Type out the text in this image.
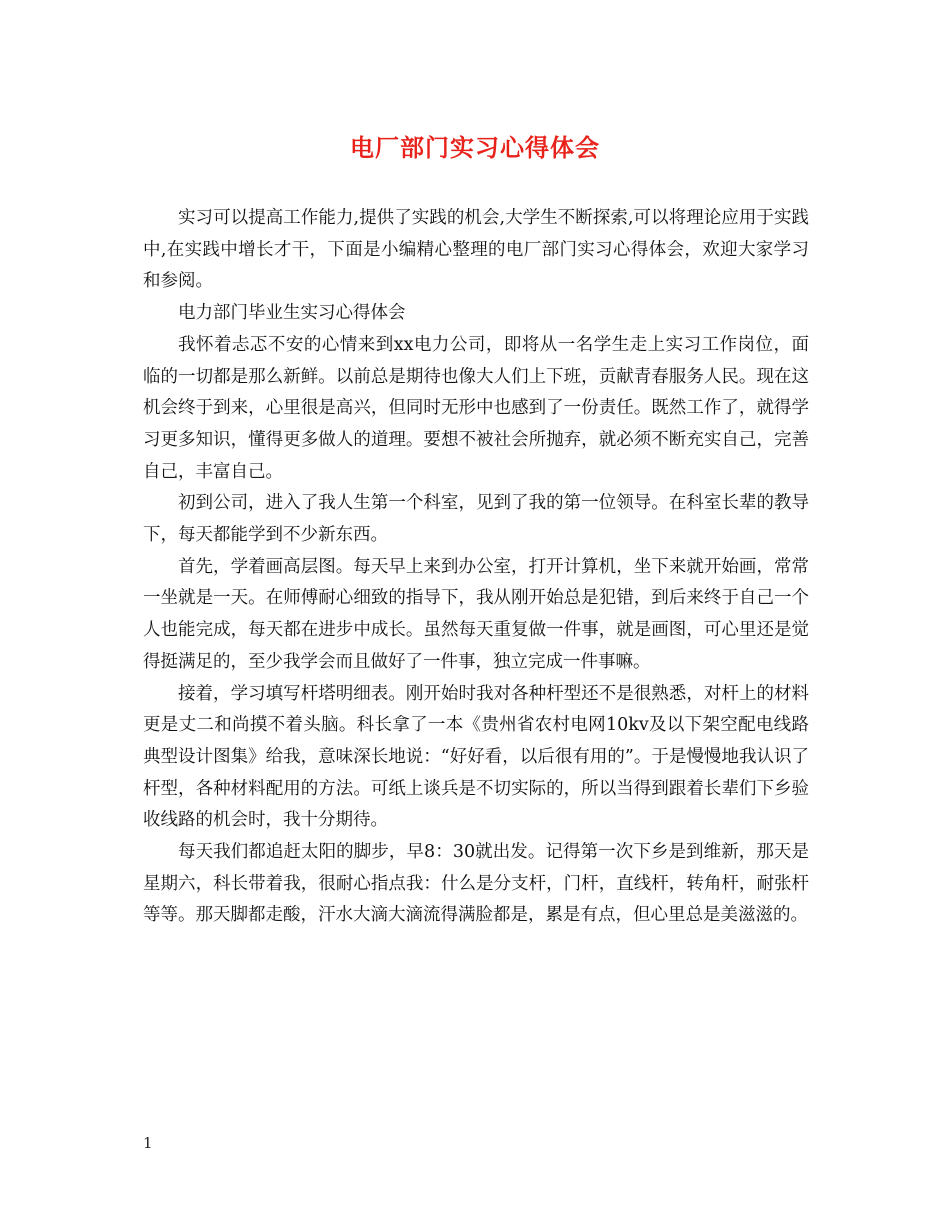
电厂部门实习心得体会

实习可以提高工作能力,提供了实践的机会,大学生不断探索,可以将理论应用于实践中,在实践中增长才干，下面是小编精心整理的电厂部门实习心得体会，欢迎大家学习和参阅。

电力部门毕业生实习心得体会

我怀着忐忑不安的心情来到xx电力公司，即将从一名学生走上实习工作岗位，面临的一切都是那么新鲜。以前总是期待也像大人们上下班，贡献青春服务人民。现在这机会终于到来，心里很是高兴，但同时无形中也感到了一份责任。既然工作了，就得学习更多知识，懂得更多做人的道理。要想不被社会所抛弃，就必须不断充实自己，完善自己，丰富自己。

初到公司，进入了我人生第一个科室，见到了我的第一位领导。在科室长辈的教导下，每天都能学到不少新东西。

首先，学着画高层图。每天早上来到办公室，打开计算机，坐下来就开始画，常常一坐就是一天。在师傅耐心细致的指导下，我从刚开始总是犯错，到后来终于自己一个人也能完成，每天都在进步中成长。虽然每天重复做一件事，就是画图，可心里还是觉得挺满足的，至少我学会而且做好了一件事，独立完成一件事嘛。

接着，学习填写杆塔明细表。刚开始时我对各种杆型还不是很熟悉，对杆上的材料更是丈二和尚摸不着头脑。科长拿了一本《贵州省农村电网10kv及以下架空配电线路典型设计图集》给我，意味深长地说：“好好看，以后很有用的”。于是慢慢地我认识了杆型，各种材料配用的方法。可纸上谈兵是不切实际的，所以当得到跟着长辈们下乡验收线路的机会时，我十分期待。

每天我们都追赶太阳的脚步，早8：30就出发。记得第一次下乡是到维新，那天是星期六，科长带着我，很耐心指点我：什么是分支杆，门杆，直线杆，转角杆，耐张杆等等。那天脚都走酸，汗水大滴大滴流得满脸都是，累是有点，但心里总是美滋滋的。

1
